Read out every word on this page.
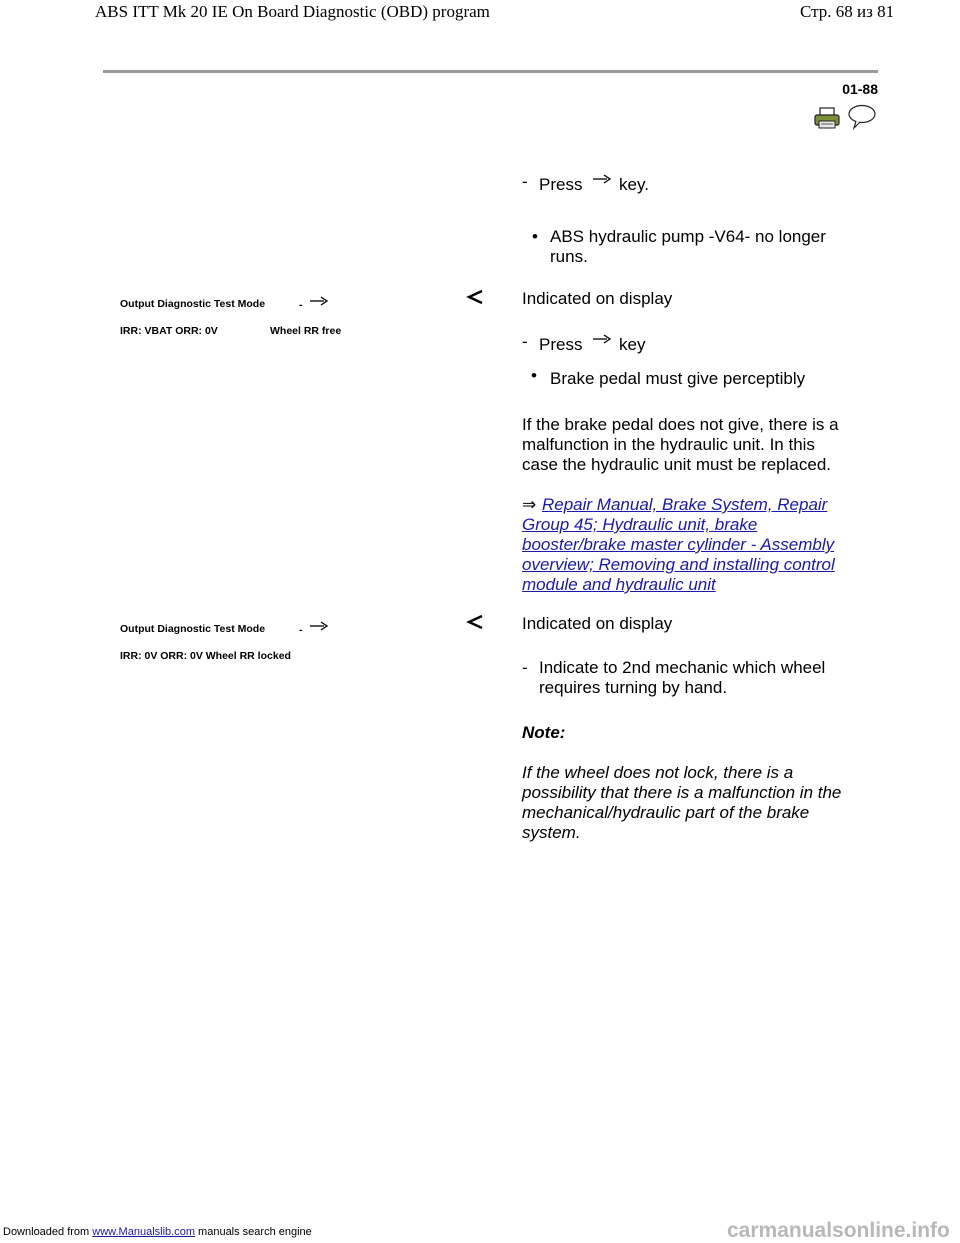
ABS ITT Mk 20 IE On Board Diagnostic (OBD) program	Стр. 68 из 81
01-88
- Press key.
• ABS hydraulic pump -V64- no longer
runs.
Output Diagnostic Test Mode	-
IRR: VBAT ORR: 0V	Wheel RR free
Indicated on display
- Press key
• Brake pedal must give perceptibly
If the brake pedal does not give, there is a
malfunction in the hydraulic unit. In this
case the hydraulic unit must be replaced.
⇒ Repair Manual, Brake System, Repair
Group 45; Hydraulic unit, brake
booster/brake master cylinder - Assembly
overview; Removing and installing control
module and hydraulic unit
Output Diagnostic Test Mode	-
IRR: 0V ORR: 0V Wheel RR locked
Indicated on display
- Indicate to 2nd mechanic which wheel
requires turning by hand.
Note:
If the wheel does not lock, there is a
possibility that there is a malfunction in the
mechanical/hydraulic part of the brake
system.
Downloaded from www.Manualslib.com manuals search engine	carmanualsonline.info
